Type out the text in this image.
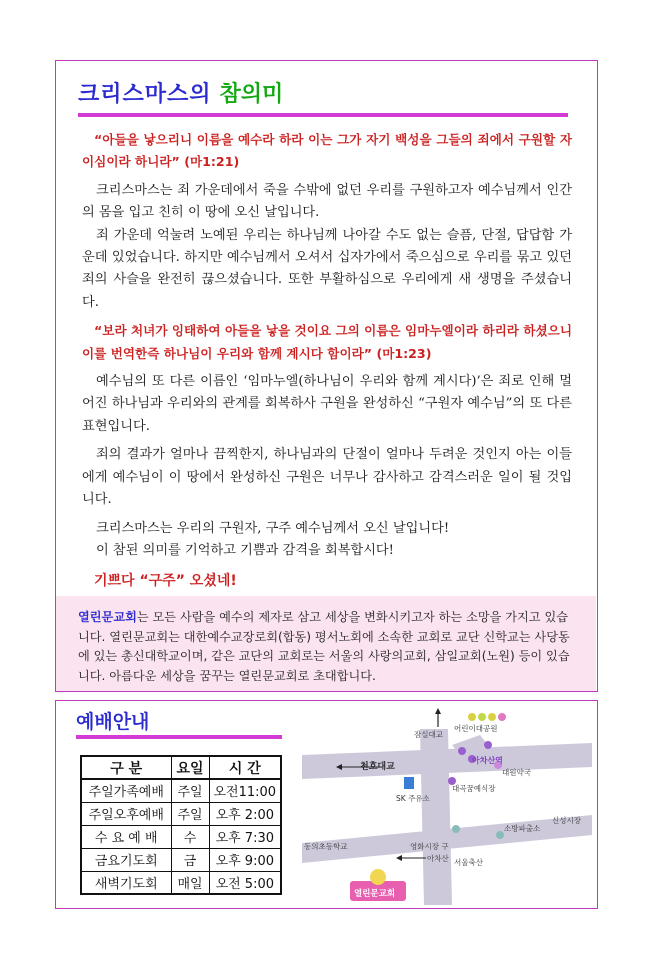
크리스마스의 참의미

“아들을 낳으리니 이름을 예수라 하라 이는 그가 자기 백성을 그들의 죄에서 구원할 자이심이라 하니라” (마1:21)

크리스마스는 죄 가운데에서 죽을 수밖에 없던 우리를 구원하고자 예수님께서 인간의 몸을 입고 친히 이 땅에 오신 날입니다.

죄 가운데 억눌려 노예된 우리는 하나님께 나아갈 수도 없는 슬픔, 단절, 답답함 가운데 있었습니다. 하지만 예수님께서 오셔서 십자가에서 죽으심으로 우리를 묶고 있던 죄의 사슬을 완전히 끊으셨습니다. 또한 부활하심으로 우리에게 새 생명을 주셨습니다.

“보라 처녀가 잉태하여 아들을 낳을 것이요 그의 이름은 임마누엘이라 하리라 하셨으니 이를 번역한즉 하나님이 우리와 함께 계시다 함이라” (마1:23)

예수님의 또 다른 이름인 ‘임마누엘(하나님이 우리와 함께 계시다)’은 죄로 인해 멀어진 하나님과 우리와의 관계를 회복하사 구원을 완성하신 “구원자 예수님”의 또 다른 표현입니다.

죄의 결과가 얼마나 끔찍한지, 하나님과의 단절이 얼마나 두려운 것인지 아는 이들에게 예수님이 이 땅에서 완성하신 구원은 너무나 감사하고 감격스러운 일이 될 것입니다.

크리스마스는 우리의 구원자, 구주 예수님께서 오신 날입니다!

이 참된 의미를 기억하고 기쁨과 감격을 회복합시다!

기쁘다 “구주” 오셨네!

열린문교회는 모든 사람을 예수의 제자로 삼고 세상을 변화시키고자 하는 소망을 가지고 있습니다. 열린문교회는 대한예수교장로회(합동) 평서노회에 소속한 교회로 교단 신학교는 사당동에 있는 총신대학교이며, 같은 교단의 교회로는 서울의 사랑의교회, 삼일교회(노원) 등이 있습니다. 아름다운 세상을 꿈꾸는 열린문교회로 초대합니다.
예배안내
구 분	요일	시 간
주일가족예배	주일	오전11:00
주일오후예배	주일	오후 2:00
수 요 예 배	수	오후 7:30
금요기도회	금	오후 9:00
새벽기도회	매일	오전 5:00
잠실대교
어린이대공원
천호대교
아차산역
대원약국
대곡꿈예식장
SK 주유소
소방파출소
신성시장
동의초등학교	영화시장 구
아차산 서울축산
열린문교회
